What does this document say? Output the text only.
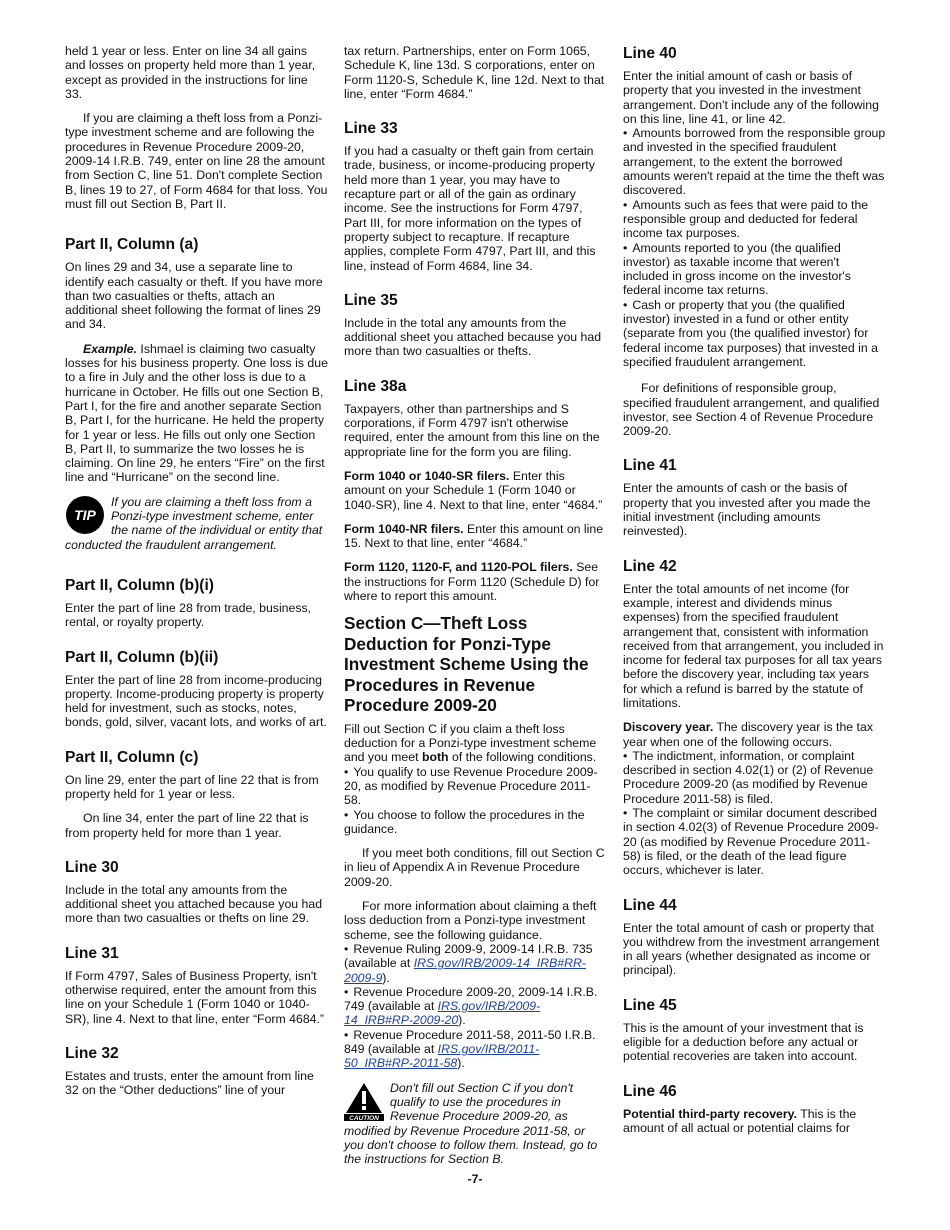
held 1 year or less. Enter on line 34 all gains and losses on property held more than 1 year, except as provided in the instructions for line 33.

If you are claiming a theft loss from a Ponzi-type investment scheme and are following the procedures in Revenue Procedure 2009-20, 2009-14 I.R.B. 749, enter on line 28 the amount from Section C, line 51. Don't complete Section B, lines 19 to 27, of Form 4684 for that loss. You must fill out Section B, Part II.

Part II, Column (a)

On lines 29 and 34, use a separate line to identify each casualty or theft. If you have more than two casualties or thefts, attach an additional sheet following the format of lines 29 and 34.

Example. Ishmael is claiming two casualty losses for his business property. One loss is due to a fire in July and the other loss is due to a hurricane in October. He fills out one Section B, Part I, for the fire and another separate Section B, Part I, for the hurricane. He held the property for 1 year or less. He fills out only one Section B, Part II, to summarize the two losses he is claiming. On line 29, he enters “Fire” on the first line and “Hurricane” on the second line.

TIP
If you are claiming a theft loss from a Ponzi-type investment scheme, enter the name of the individual or entity that conducted the fraudulent arrangement.
Part II, Column (b)(i)

Enter the part of line 28 from trade, business, rental, or royalty property.

Part II, Column (b)(ii)

Enter the part of line 28 from income-producing property. Income-producing property is property held for investment, such as stocks, notes, bonds, gold, silver, vacant lots, and works of art.

Part II, Column (c)

On line 29, enter the part of line 22 that is from property held for 1 year or less.

On line 34, enter the part of line 22 that is from property held for more than 1 year.

Line 30

Include in the total any amounts from the additional sheet you attached because you had more than two casualties or thefts on line 29.

Line 31

If Form 4797, Sales of Business Property, isn't otherwise required, enter the amount from this line on your Schedule 1 (Form 1040 or 1040-SR), line 4. Next to that line, enter “Form 4684.”

Line 32

Estates and trusts, enter the amount from line 32 on the “Other deductions” line of your

tax return. Partnerships, enter on Form 1065, Schedule K, line 13d. S corporations, enter on Form 1120-S, Schedule K, line 12d. Next to that line, enter “Form 4684.”

Line 33

If you had a casualty or theft gain from certain trade, business, or income-producing property held more than 1 year, you may have to recapture part or all of the gain as ordinary income. See the instructions for Form 4797, Part III, for more information on the types of property subject to recapture. If recapture applies, complete Form 4797, Part III, and this line, instead of Form 4684, line 34.

Line 35

Include in the total any amounts from the additional sheet you attached because you had more than two casualties or thefts.

Line 38a

Taxpayers, other than partnerships and S corporations, if Form 4797 isn't otherwise required, enter the amount from this line on the appropriate line for the form you are filing.

Form 1040 or 1040-SR filers. Enter this amount on your Schedule 1 (Form 1040 or 1040-SR), line 4. Next to that line, enter “4684.”

Form 1040-NR filers. Enter this amount on line 15. Next to that line, enter “4684.”

Form 1120, 1120-F, and 1120-POL filers. See the instructions for Form 1120 (Schedule D) for where to report this amount.

Section C—Theft Loss Deduction for Ponzi-Type Investment Scheme Using the Procedures in Revenue Procedure 2009-20

Fill out Section C if you claim a theft loss deduction for a Ponzi-type investment scheme and you meet both of the following conditions.

• You qualify to use Revenue Procedure 2009-20, as modified by Revenue Procedure 2011-58.

• You choose to follow the procedures in the guidance.

If you meet both conditions, fill out Section C in lieu of Appendix A in Revenue Procedure 2009-20.

For more information about claiming a theft loss deduction from a Ponzi-type investment scheme, see the following guidance.

• Revenue Ruling 2009-9, 2009-14 I.R.B. 735 (available at IRS.gov/IRB/2009-14_IRB#RR-2009-9).

• Revenue Procedure 2009-20, 2009-14 I.R.B. 749 (available at IRS.gov/IRB/2009-14_IRB#RP-2009-20).

• Revenue Procedure 2011-58, 2011-50 I.R.B. 849 (available at IRS.gov/IRB/2011-50_IRB#RP-2011-58).

CAUTION
Don't fill out Section C if you don't qualify to use the procedures in Revenue Procedure 2009-20, as modified by Revenue Procedure 2011-58, or you don't choose to follow them. Instead, go to the instructions for Section B.
Line 40

Enter the initial amount of cash or basis of property that you invested in the investment arrangement. Don't include any of the following on this line, line 41, or line 42.

• Amounts borrowed from the responsible group and invested in the specified fraudulent arrangement, to the extent the borrowed amounts weren't repaid at the time the theft was discovered.

• Amounts such as fees that were paid to the responsible group and deducted for federal income tax purposes.

• Amounts reported to you (the qualified investor) as taxable income that weren't included in gross income on the investor's federal income tax returns.

• Cash or property that you (the qualified investor) invested in a fund or other entity (separate from you (the qualified investor) for federal income tax purposes) that invested in a specified fraudulent arrangement.

For definitions of responsible group, specified fraudulent arrangement, and qualified investor, see Section 4 of Revenue Procedure 2009-20.

Line 41

Enter the amounts of cash or the basis of property that you invested after you made the initial investment (including amounts reinvested).

Line 42

Enter the total amounts of net income (for example, interest and dividends minus expenses) from the specified fraudulent arrangement that, consistent with information received from that arrangement, you included in income for federal tax purposes for all tax years before the discovery year, including tax years for which a refund is barred by the statute of limitations.

Discovery year. The discovery year is the tax year when one of the following occurs.

• The indictment, information, or complaint described in section 4.02(1) or (2) of Revenue Procedure 2009-20 (as modified by Revenue Procedure 2011-58) is filed.

• The complaint or similar document described in section 4.02(3) of Revenue Procedure 2009-20 (as modified by Revenue Procedure 2011-58) is filed, or the death of the lead figure occurs, whichever is later.

Line 44

Enter the total amount of cash or property that you withdrew from the investment arrangement in all years (whether designated as income or principal).

Line 45

This is the amount of your investment that is eligible for a deduction before any actual or potential recoveries are taken into account.

Line 46

Potential third-party recovery. This is the amount of all actual or potential claims for

-7-
